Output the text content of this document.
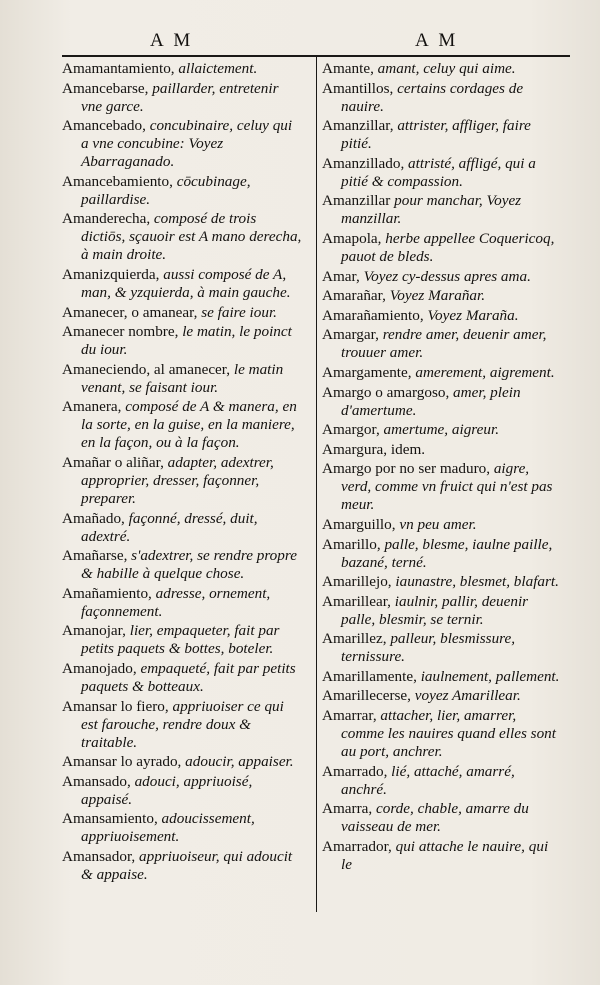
A M	A M
Amamantamiento, allaictement.
Amancebarse, paillarder, entretenir vne garce.
Amancebado, concubinaire, celuy qui a vne concubine: Voyez Abarraganado.
Amancebamiento, cōcubinage, paillardise.
Amanderecha, composé de trois dictiōs, sçauoir est A mano derecha, à main droite.
Amanizquierda, aussi composé de A, man, & yzquierda, à main gauche.
Amanecer, o amanear, se faire iour.
Amanecer nombre, le matin, le poinct du iour.
Amaneciendo, al amanecer, le matin venant, se faisant iour.
Amanera, composé de A & manera, en la sorte, en la guise, en la maniere, en la façon, ou à la façon.
Amañar o aliñar, adapter, adextrer, approprier, dresser, façonner, preparer.
Amañado, façonné, dressé, duit, adextré.
Amañarse, s'adextrer, se rendre propre & habille à quelque chose.
Amañamiento, adresse, ornement, façonnement.
Amanojar, lier, empaqueter, fait par petits paquets & bottes, boteler.
Amanojado, empaqueté, fait par petits paquets & botteaux.
Amansar lo fiero, appriuoiser ce qui est farouche, rendre doux & traitable.
Amansar lo ayrado, adoucir, appaiser.
Amansado, adouci, appriuoisé, appaisé.
Amansamiento, adoucissement, appriuoisement.
Amansador, appriuoiseur, qui adoucit & appaise.
Amante, amant, celuy qui aime.
Amantillos, certains cordages de nauire.
Amanzillar, attrister, affliger, faire pitié.
Amanzillado, attristé, affligé, qui a pitié & compassion.
Amanzillar pour manchar, Voyez manzillar.
Amapola, herbe appellee Coquericoq, pauot de bleds.
Amar, Voyez cy-dessus apres ama.
Amarañar, Voyez Marañar.
Amarañamiento, Voyez Maraña.
Amargar, rendre amer, deuenir amer, trouuer amer.
Amargamente, amerement, aigrement.
Amargo o amargoso, amer, plein d'amertume.
Amargor, amertume, aigreur.
Amargura, idem.
Amargo por no ser maduro, aigre, verd, comme vn fruict qui n'est pas meur.
Amarguillo, vn peu amer.
Amarillo, palle, blesme, iaulne paille, bazané, terné.
Amarillejo, iaunastre, blesmet, blafart.
Amarillear, iaulnir, pallir, deuenir palle, blesmir, se ternir.
Amarillez, palleur, blesmissure, ternissure.
Amarillamente, iaulnement, pallement.
Amarillecerse, voyez Amarillear.
Amarrar, attacher, lier, amarrer, comme les nauires quand elles sont au port, anchrer.
Amarrado, lié, attaché, amarré, anchré.
Amarra, corde, chable, amarre du vaisseau de mer.
Amarrador, qui attache le nauire, qui le
